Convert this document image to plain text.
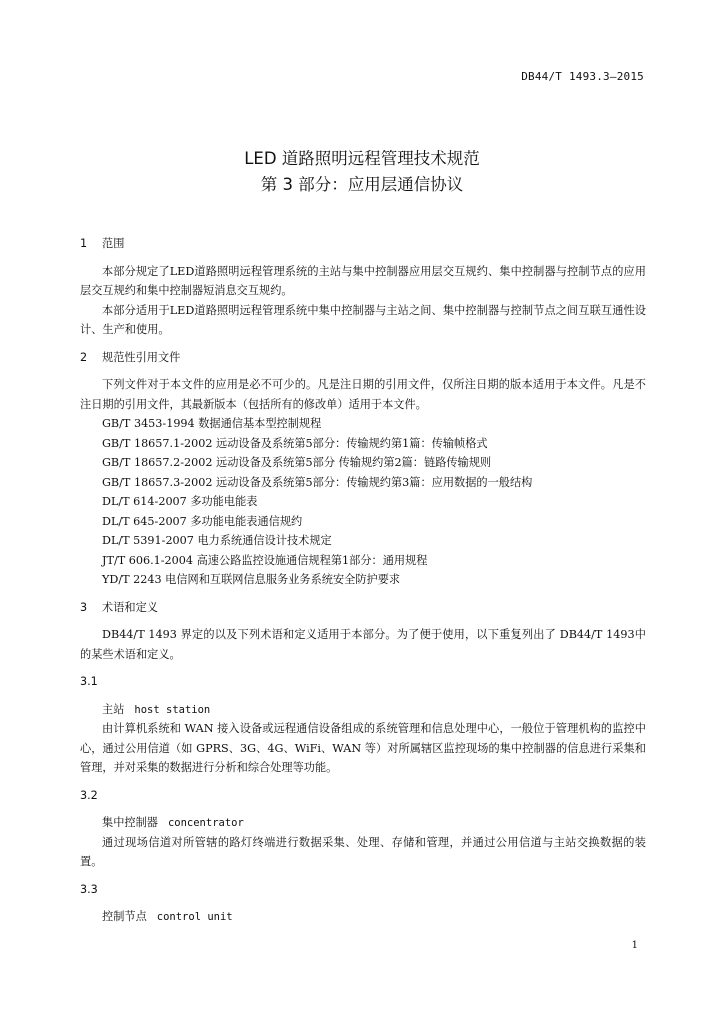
DB44/T 1493.3—2015
LED 道路照明远程管理技术规范
第 3 部分：应用层通信协议
1 范围
本部分规定了LED道路照明远程管理系统的主站与集中控制器应用层交互规约、集中控制器与控制节点的应用层交互规约和集中控制器短消息交互规约。
本部分适用于LED道路照明远程管理系统中集中控制器与主站之间、集中控制器与控制节点之间互联互通性设计、生产和使用。
2 规范性引用文件
下列文件对于本文件的应用是必不可少的。凡是注日期的引用文件，仅所注日期的版本适用于本文件。凡是不注日期的引用文件，其最新版本（包括所有的修改单）适用于本文件。
GB/T 3453-1994 数据通信基本型控制规程
GB/T 18657.1-2002 远动设备及系统第5部分：传输规约第1篇：传输帧格式
GB/T 18657.2-2002 远动设备及系统第5部分 传输规约第2篇：链路传输规则
GB/T 18657.3-2002 远动设备及系统第5部分：传输规约第3篇：应用数据的一般结构
DL/T 614-2007 多功能电能表
DL/T 645-2007 多功能电能表通信规约
DL/T 5391-2007 电力系统通信设计技术规定
JT/T 606.1-2004 高速公路监控设施通信规程第1部分：通用规程
YD/T 2243 电信网和互联网信息服务业务系统安全防护要求
3 术语和定义
DB44/T 1493 界定的以及下列术语和定义适用于本部分。为了便于使用，以下重复列出了 DB44/T 1493中的某些术语和定义。
3.1
主站 host station
由计算机系统和 WAN 接入设备或远程通信设备组成的系统管理和信息处理中心，一般位于管理机构的监控中心，通过公用信道（如 GPRS、3G、4G、WiFi、WAN 等）对所属辖区监控现场的集中控制器的信息进行采集和管理，并对采集的数据进行分析和综合处理等功能。
3.2
集中控制器 concentrator
通过现场信道对所管辖的路灯终端进行数据采集、处理、存储和管理，并通过公用信道与主站交换数据的装置。
3.3
控制节点 control unit
1
